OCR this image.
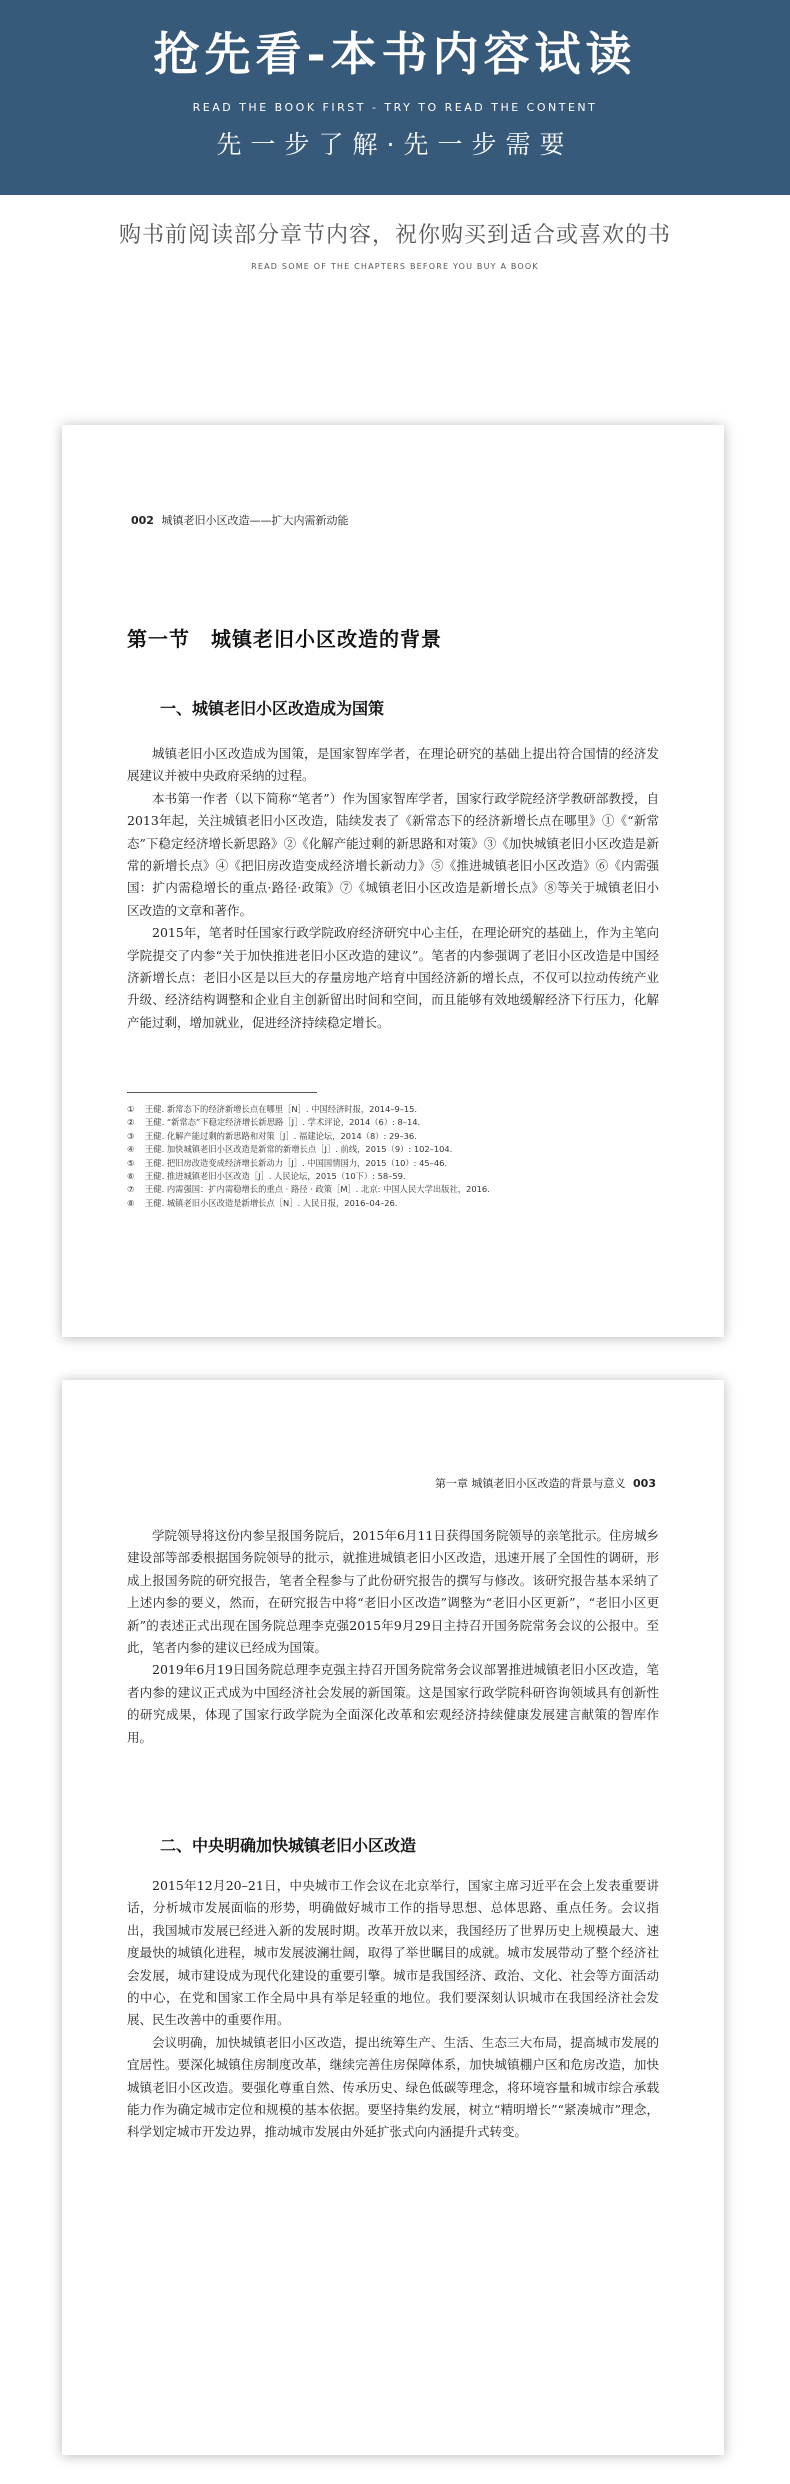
抢先看-本书内容试读
READ THE BOOK FIRST - TRY TO READ THE CONTENT
先一步了解·先一步需要
购书前阅读部分章节内容，祝你购买到适合或喜欢的书
READ SOME OF THE CHAPTERS BEFORE YOU BUY A BOOK
002 城镇老旧小区改造——扩大内需新动能
第一节　城镇老旧小区改造的背景
一、城镇老旧小区改造成为国策

城镇老旧小区改造成为国策，是国家智库学者，在理论研究的基础上提出符合国情的经济发展建议并被中央政府采纳的过程。

本书第一作者（以下简称“笔者”）作为国家智库学者，国家行政学院经济学教研部教授，自2013年起，关注城镇老旧小区改造，陆续发表了《新常态下的经济新增长点在哪里》①《“新常态”下稳定经济增长新思路》②《化解产能过剩的新思路和对策》③《加快城镇老旧小区改造是新常的新增长点》④《把旧房改造变成经济增长新动力》⑤《推进城镇老旧小区改造》⑥《内需强国：扩内需稳增长的重点·路径·政策》⑦《城镇老旧小区改造是新增长点》⑧等关于城镇老旧小区改造的文章和著作。

2015年，笔者时任国家行政学院政府经济研究中心主任，在理论研究的基础上，作为主笔向学院提交了内参“关于加快推进老旧小区改造的建议”。笔者的内参强调了老旧小区改造是中国经济新增长点：老旧小区是以巨大的存量房地产培育中国经济新的增长点，不仅可以拉动传统产业升级、经济结构调整和企业自主创新留出时间和空间，而且能够有效地缓解经济下行压力，化解产能过剩，增加就业，促进经济持续稳定增长。

① 王健. 新常态下的经济新增长点在哪里［N］. 中国经济时报，2014–9–15.
② 王健. “新常态”下稳定经济增长新思路［J］. 学术评论，2014（6）: 8–14.
③ 王健. 化解产能过剩的新思路和对策［J］. 福建论坛，2014（8）: 29–36.
④ 王健. 加快城镇老旧小区改造是新常的新增长点［J］. 前线，2015（9）: 102–104.
⑤ 王健. 把旧房改造变成经济增长新动力［J］. 中国国情国力，2015（10）: 45–46.
⑥ 王健. 推进城镇老旧小区改造［J］. 人民论坛，2015（10下）: 58–59.
⑦ 王健. 内需强国：扩内需稳增长的重点 · 路径 · 政策［M］. 北京: 中国人民大学出版社，2016.
⑧ 王健. 城镇老旧小区改造是新增长点［N］. 人民日报，2016–04–26.
第一章 城镇老旧小区改造的背景与意义 003

学院领导将这份内参呈报国务院后，2015年6月11日获得国务院领导的亲笔批示。住房城乡建设部等部委根据国务院领导的批示，就推进城镇老旧小区改造，迅速开展了全国性的调研，形成上报国务院的研究报告，笔者全程参与了此份研究报告的撰写与修改。该研究报告基本采纳了上述内参的要义，然而，在研究报告中将“老旧小区改造”调整为“老旧小区更新”，“老旧小区更新”的表述正式出现在国务院总理李克强2015年9月29日主持召开国务院常务会议的公报中。至此，笔者内参的建议已经成为国策。

2019年6月19日国务院总理李克强主持召开国务院常务会议部署推进城镇老旧小区改造，笔者内参的建议正式成为中国经济社会发展的新国策。这是国家行政学院科研咨询领域具有创新性的研究成果，体现了国家行政学院为全面深化改革和宏观经济持续健康发展建言献策的智库作用。

二、中央明确加快城镇老旧小区改造

2015年12月20–21日，中央城市工作会议在北京举行，国家主席习近平在会上发表重要讲话，分析城市发展面临的形势，明确做好城市工作的指导思想、总体思路、重点任务。会议指出，我国城市发展已经进入新的发展时期。改革开放以来，我国经历了世界历史上规模最大、速度最快的城镇化进程，城市发展波澜壮阔，取得了举世瞩目的成就。城市发展带动了整个经济社会发展，城市建设成为现代化建设的重要引擎。城市是我国经济、政治、文化、社会等方面活动的中心，在党和国家工作全局中具有举足轻重的地位。我们要深刻认识城市在我国经济社会发展、民生改善中的重要作用。

会议明确，加快城镇老旧小区改造，提出统筹生产、生活、生态三大布局，提高城市发展的宜居性。要深化城镇住房制度改革，继续完善住房保障体系，加快城镇棚户区和危房改造，加快城镇老旧小区改造。要强化尊重自然、传承历史、绿色低碳等理念，将环境容量和城市综合承载能力作为确定城市定位和规模的基本依据。要坚持集约发展，树立“精明增长”“紧凑城市”理念，科学划定城市开发边界，推动城市发展由外延扩张式向内涵提升式转变。
